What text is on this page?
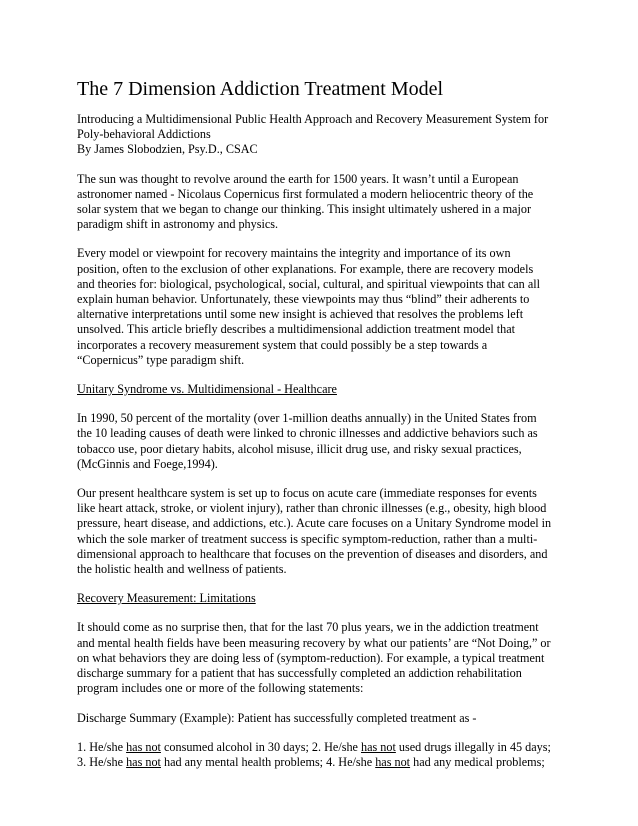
The 7 Dimension Addiction Treatment Model
Introducing a Multidimensional Public Health Approach and Recovery Measurement System for
Poly-behavioral Addictions
By James Slobodzien, Psy.D., CSAC
The sun was thought to revolve around the earth for 1500 years. It wasn’t until a European
astronomer named - Nicolaus Copernicus first formulated a modern heliocentric theory of the
solar system that we began to change our thinking. This insight ultimately ushered in a major
paradigm shift in astronomy and physics.
Every model or viewpoint for recovery maintains the integrity and importance of its own
position, often to the exclusion of other explanations. For example, there are recovery models
and theories for: biological, psychological, social, cultural, and spiritual viewpoints that can all
explain human behavior. Unfortunately, these viewpoints may thus “blind” their adherents to
alternative interpretations until some new insight is achieved that resolves the problems left
unsolved. This article briefly describes a multidimensional addiction treatment model that
incorporates a recovery measurement system that could possibly be a step towards a
“Copernicus” type paradigm shift.
Unitary Syndrome vs. Multidimensional - Healthcare
In 1990, 50 percent of the mortality (over 1-million deaths annually) in the United States from
the 10 leading causes of death were linked to chronic illnesses and addictive behaviors such as
tobacco use, poor dietary habits, alcohol misuse, illicit drug use, and risky sexual practices,
(McGinnis and Foege,1994).
Our present healthcare system is set up to focus on acute care (immediate responses for events
like heart attack, stroke, or violent injury), rather than chronic illnesses (e.g., obesity, high blood
pressure, heart disease, and addictions, etc.). Acute care focuses on a Unitary Syndrome model in
which the sole marker of treatment success is specific symptom-reduction, rather than a multi-
dimensional approach to healthcare that focuses on the prevention of diseases and disorders, and
the holistic health and wellness of patients.
Recovery Measurement: Limitations
It should come as no surprise then, that for the last 70 plus years, we in the addiction treatment
and mental health fields have been measuring recovery by what our patients’ are “Not Doing,” or
on what behaviors they are doing less of (symptom-reduction). For example, a typical treatment
discharge summary for a patient that has successfully completed an addiction rehabilitation
program includes one or more of the following statements:
Discharge Summary (Example): Patient has successfully completed treatment as -
1. He/she has not consumed alcohol in 30 days; 2. He/she has not used drugs illegally in 45 days;
3. He/she has not had any mental health problems; 4. He/she has not had any medical problems;
